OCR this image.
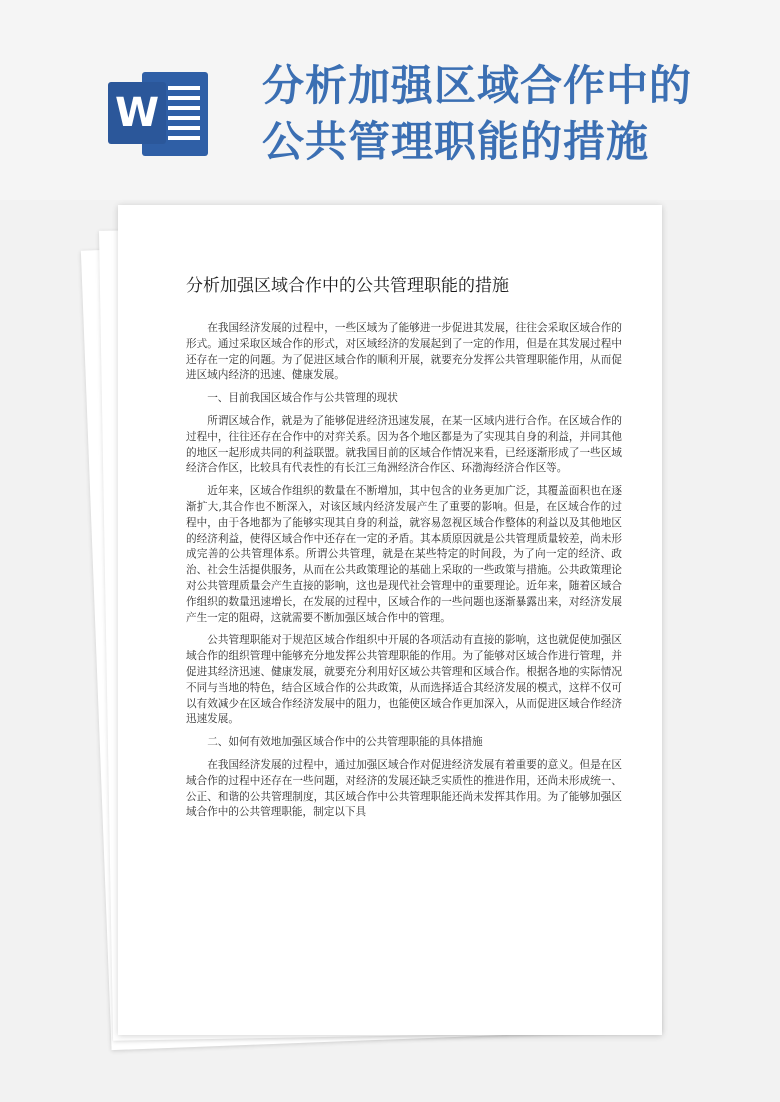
W
分析加强区域合作中的公共管理职能的措施
分析加强区域合作中的公共管理职能的措施

在我国经济发展的过程中，一些区域为了能够进一步促进其发展，往往会采取区域合作的形式。通过采取区域合作的形式，对区域经济的发展起到了一定的作用，但是在其发展过程中还存在一定的问题。为了促进区域合作的顺利开展，就要充分发挥公共管理职能作用，从而促进区域内经济的迅速、健康发展。

一、目前我国区域合作与公共管理的现状

所谓区域合作，就是为了能够促进经济迅速发展，在某一区域内进行合作。在区域合作的过程中，往往还存在合作中的对弈关系。因为各个地区都是为了实现其自身的利益，并同其他的地区一起形成共同的利益联盟。就我国目前的区域合作情况来看，已经逐渐形成了一些区域经济合作区，比较具有代表性的有长江三角洲经济合作区、环渤海经济合作区等。

近年来，区域合作组织的数量在不断增加，其中包含的业务更加广泛，其覆盖面积也在逐渐扩大,其合作也不断深入，对该区域内经济发展产生了重要的影响。但是，在区域合作的过程中，由于各地都为了能够实现其自身的利益，就容易忽视区域合作整体的利益以及其他地区的经济利益，使得区域合作中还存在一定的矛盾。其本质原因就是公共管理质量较差，尚未形成完善的公共管理体系。所谓公共管理，就是在某些特定的时间段，为了向一定的经济、政治、社会生活提供服务，从而在公共政策理论的基础上采取的一些政策与措施。公共政策理论对公共管理质量会产生直接的影响，这也是现代社会管理中的重要理论。近年来，随着区域合作组织的数量迅速增长，在发展的过程中，区域合作的一些问题也逐渐暴露出来，对经济发展产生一定的阻碍，这就需要不断加强区域合作中的管理。

公共管理职能对于规范区域合作组织中开展的各项活动有直接的影响，这也就促使加强区域合作的组织管理中能够充分地发挥公共管理职能的作用。为了能够对区域合作进行管理，并促进其经济迅速、健康发展，就要充分利用好区域公共管理和区域合作。根据各地的实际情况不同与当地的特色，结合区域合作的公共政策，从而选择适合其经济发展的模式，这样不仅可以有效减少在区域合作经济发展中的阻力，也能使区域合作更加深入，从而促进区域合作经济迅速发展。

二、如何有效地加强区域合作中的公共管理职能的具体措施

在我国经济发展的过程中，通过加强区域合作对促进经济发展有着重要的意义。但是在区域合作的过程中还存在一些问题，对经济的发展还缺乏实质性的推进作用，还尚未形成统一、公正、和谐的公共管理制度，其区域合作中公共管理职能还尚未发挥其作用。为了能够加强区域合作中的公共管理职能，制定以下具
